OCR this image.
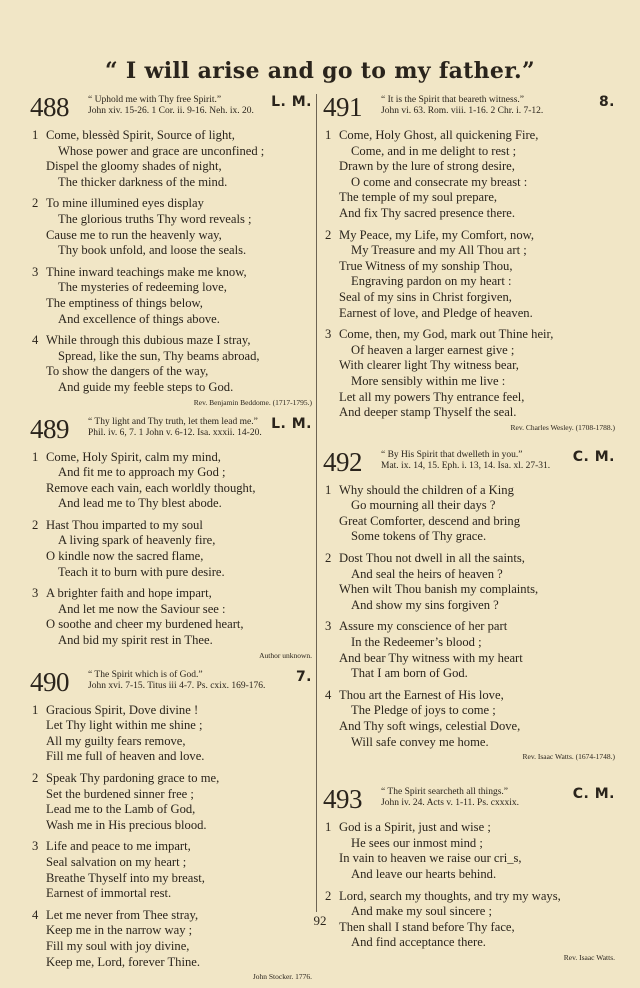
“ I will arise and go to my father.”
488 “ Uphold me with Thy free Spirit.”
John xiv. 15-26. 1 Cor. ii. 9-16. Neh. ix. 20.
L. M.
1 Come, blessèd Spirit, Source of light,
Whose power and grace are unconfined ;
Dispel the gloomy shades of night,
The thicker darkness of the mind.
2 To mine illumined eyes display
The glorious truths Thy word reveals ;
Cause me to run the heavenly way,
Thy book unfold, and loose the seals.
3 Thine inward teachings make me know,
The mysteries of redeeming love,
The emptiness of things below,
And excellence of things above.
4 While through this dubious maze I stray,
Spread, like the sun, Thy beams abroad,
To show the dangers of the way,
And guide my feeble steps to God.
Rev. Benjamin Beddome. (1717-1795.)
489 “ Thy light and Thy truth, let them lead me.”
Phil. iv. 6, 7. 1 John v. 6-12. Isa. xxxii. 14-20.
L. M.
1 Come, Holy Spirit, calm my mind,
And fit me to approach my God ;
Remove each vain, each worldly thought,
And lead me to Thy blest abode.
2 Hast Thou imparted to my soul
A living spark of heavenly fire,
O kindle now the sacred flame,
Teach it to burn with pure desire.
3 A brighter faith and hope impart,
And let me now the Saviour see :
O soothe and cheer my burdened heart,
And bid my spirit rest in Thee.
Author unknown.
490 “ The Spirit which is of God.”
John xvi. 7-15. Titus iii 4-7. Ps. cxix. 169-176.
7.
1 Gracious Spirit, Dove divine !
Let Thy light within me shine ;
All my guilty fears remove,
Fill me full of heaven and love.
2 Speak Thy pardoning grace to me,
Set the burdened sinner free ;
Lead me to the Lamb of God,
Wash me in His precious blood.
3 Life and peace to me impart,
Seal salvation on my heart ;
Breathe Thyself into my breast,
Earnest of immortal rest.
4 Let me never from Thee stray,
Keep me in the narrow way ;
Fill my soul with joy divine,
Keep me, Lord, forever Thine.
John Stocker. 1776.
491 “ It is the Spirit that beareth witness.”
John vi. 63. Rom. viii. 1-16. 2 Chr. i. 7-12.
8.
1 Come, Holy Ghost, all quickening Fire,
Come, and in me delight to rest ;
Drawn by the lure of strong desire,
O come and consecrate my breast :
The temple of my soul prepare,
And fix Thy sacred presence there.
2 My Peace, my Life, my Comfort, now,
My Treasure and my All Thou art ;
True Witness of my sonship Thou,
Engraving pardon on my heart :
Seal of my sins in Christ forgiven,
Earnest of love, and Pledge of heaven.
3 Come, then, my God, mark out Thine heir,
Of heaven a larger earnest give ;
With clearer light Thy witness bear,
More sensibly within me live :
Let all my powers Thy entrance feel,
And deeper stamp Thyself the seal.
Rev. Charles Wesley. (1708-1788.)
492 “ By His Spirit that dwelleth in you.”
Mat. ix. 14, 15. Eph. i. 13, 14. Isa. xl. 27-31.
C. M.
1 Why should the children of a King
Go mourning all their days ?
Great Comforter, descend and bring
Some tokens of Thy grace.
2 Dost Thou not dwell in all the saints,
And seal the heirs of heaven ?
When wilt Thou banish my complaints,
And show my sins forgiven ?
3 Assure my conscience of her part
In the Redeemer’s blood ;
And bear Thy witness with my heart
That I am born of God.
4 Thou art the Earnest of His love,
The Pledge of joys to come ;
And Thy soft wings, celestial Dove,
Will safe convey me home.
Rev. Isaac Watts. (1674-1748.)
493 “ The Spirit searcheth all things.”
John iv. 24. Acts v. 1-11. Ps. cxxxix.
C. M.
1 God is a Spirit, just and wise ;
He sees our inmost mind ;
In vain to heaven we raise our cri_s,
And leave our hearts behind.
2 Lord, search my thoughts, and try my ways,
And make my soul sincere ;
Then shall I stand before Thy face,
And find acceptance there.
Rev. Isaac Watts.
92
